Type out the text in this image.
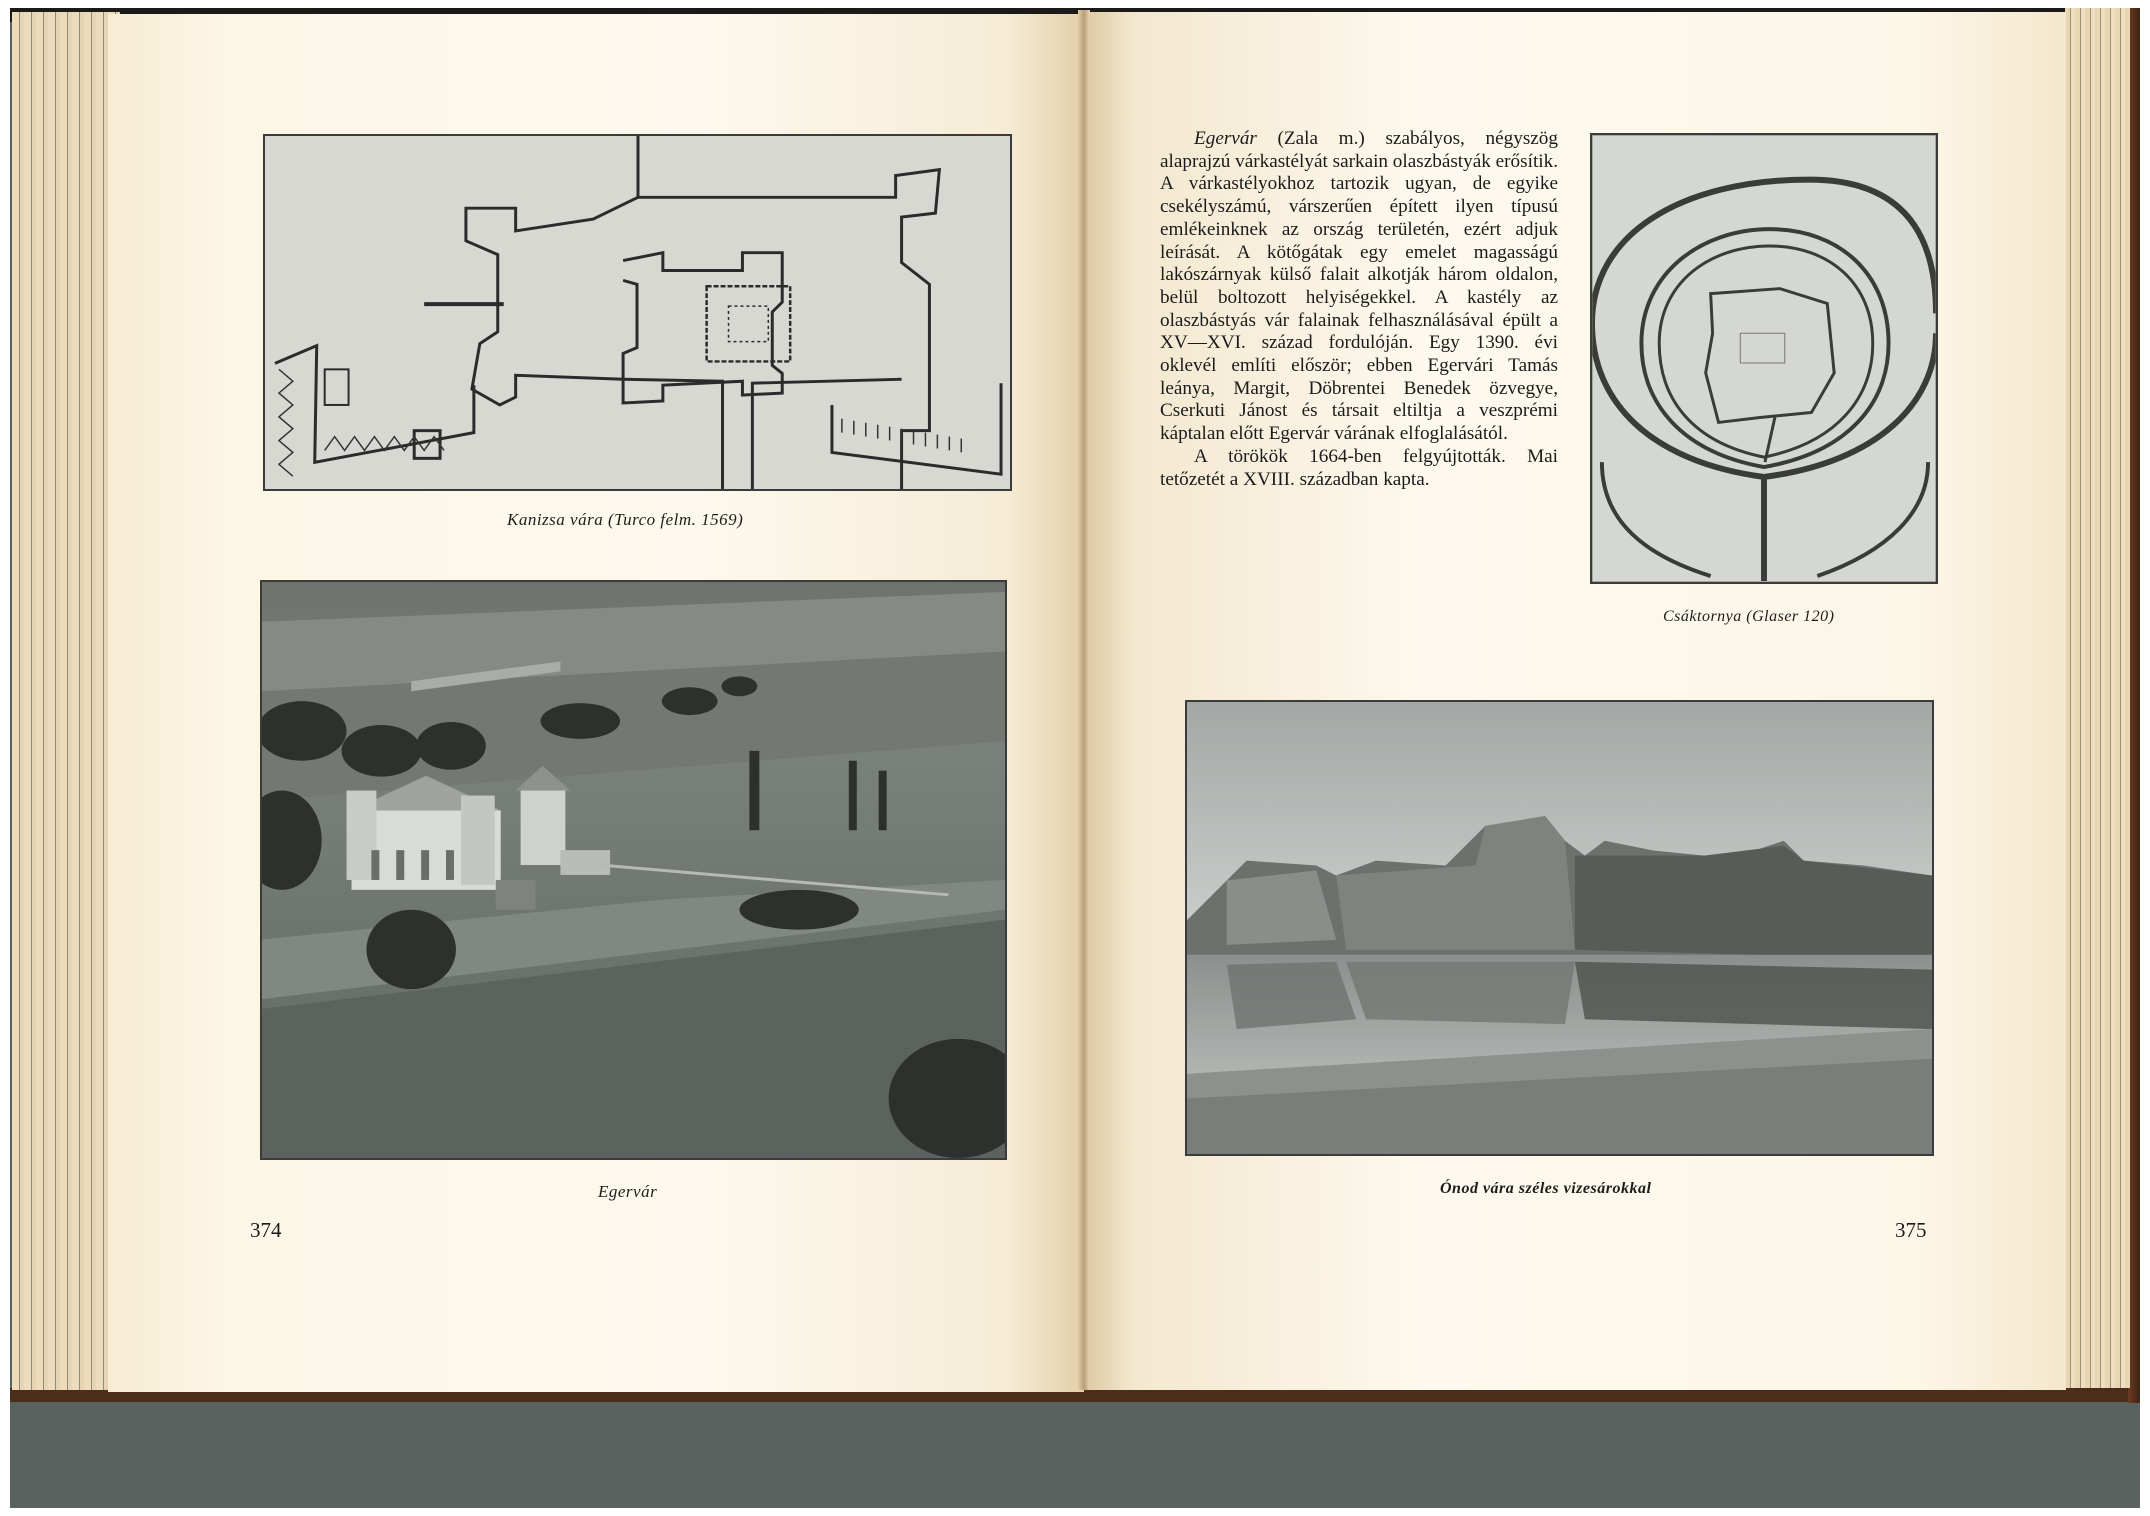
Kanizsa vára (Turco felm. 1569)
Egervár
374

Egervár (Zala m.) szabályos, négyszög alaprajzú várkastélyát sarkain olaszbástyák erősítik. A várkastélyokhoz tartozik ugyan, de egyike csekélyszámú, várszerűen épített ilyen típusú emlékeinknek az ország területén, ezért adjuk leírását. A kötőgátak egy emelet magasságú lakószárnyak külső falait alkotják három oldalon, belül boltozott helyiségekkel. A kastély az olaszbástyás vár falainak felhasználásával épült a XV—XVI. század fordulóján. Egy 1390. évi oklevél említi először; ebben Egervári Tamás leánya, Margit, Döbrentei Benedek özvegye, Cserkuti Jánost és társait eltiltja a veszprémi káptalan előtt Egervár várának elfoglalásától.

A törökök 1664-ben felgyújtották. Mai tetőzetét a XVIII. században kapta.

Csáktornya (Glaser 120)
Ónod vára széles vizesárokkal
375
